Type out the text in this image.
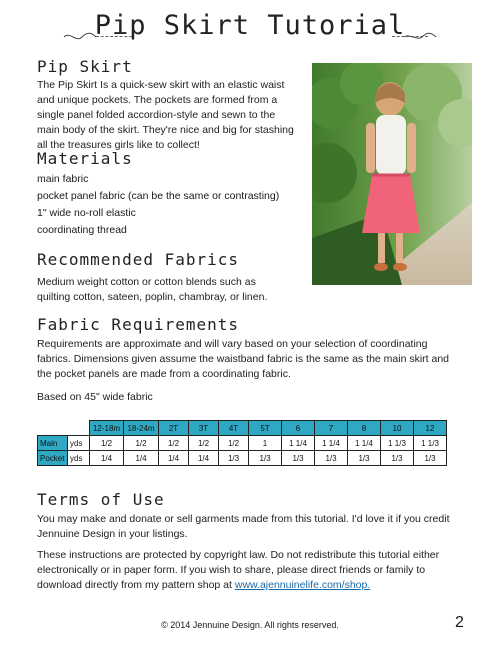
Pip Skirt Tutorial
Pip Skirt
The Pip Skirt Is a quick-sew skirt with an elastic waist
and unique pockets. The pockets are formed from a
single panel folded accordion-style and sewn to the
main body of the skirt. They're nice and big for stashing
all the treasures girls like to collect!
Materials
main fabric
pocket panel fabric (can be the same or contrasting)
1" wide no-roll elastic
coordinating thread
Recommended Fabrics
Medium weight cotton or cotton blends such as
quilting cotton, sateen, poplin, chambray, or linen.
Fabric Requirements
Requirements are approximate and will vary based on your selection of coordinating
fabrics. Dimensions given assume the waistband fabric is the same as the main skirt and
the pocket panels are made from a coordinating fabric.
Based on 45" wide fabric
		12-18m	18-24m	2T	3T	4T	5T	6	7	8	10	12
Main	yds	1/2	1/2	1/2	1/2	1/2	1	1 1/4	1 1/4	1 1/4	1 1/3	1 1/3
Pocket	yds	1/4	1/4	1/4	1/4	1/3	1/3	1/3	1/3	1/3	1/3	1/3
Terms of Use
You may make and donate or sell garments made from this tutorial. I'd love it if you credit
Jennuine Design in your listings.
These instructions are protected by copyright law. Do not redistribute this tutorial either
electronically or in paper form. If you wish to share, please direct friends or family to
download directly from my pattern shop at www.ajennuinelife.com/shop.
© 2014 Jennuine Design. All rights reserved.	2
